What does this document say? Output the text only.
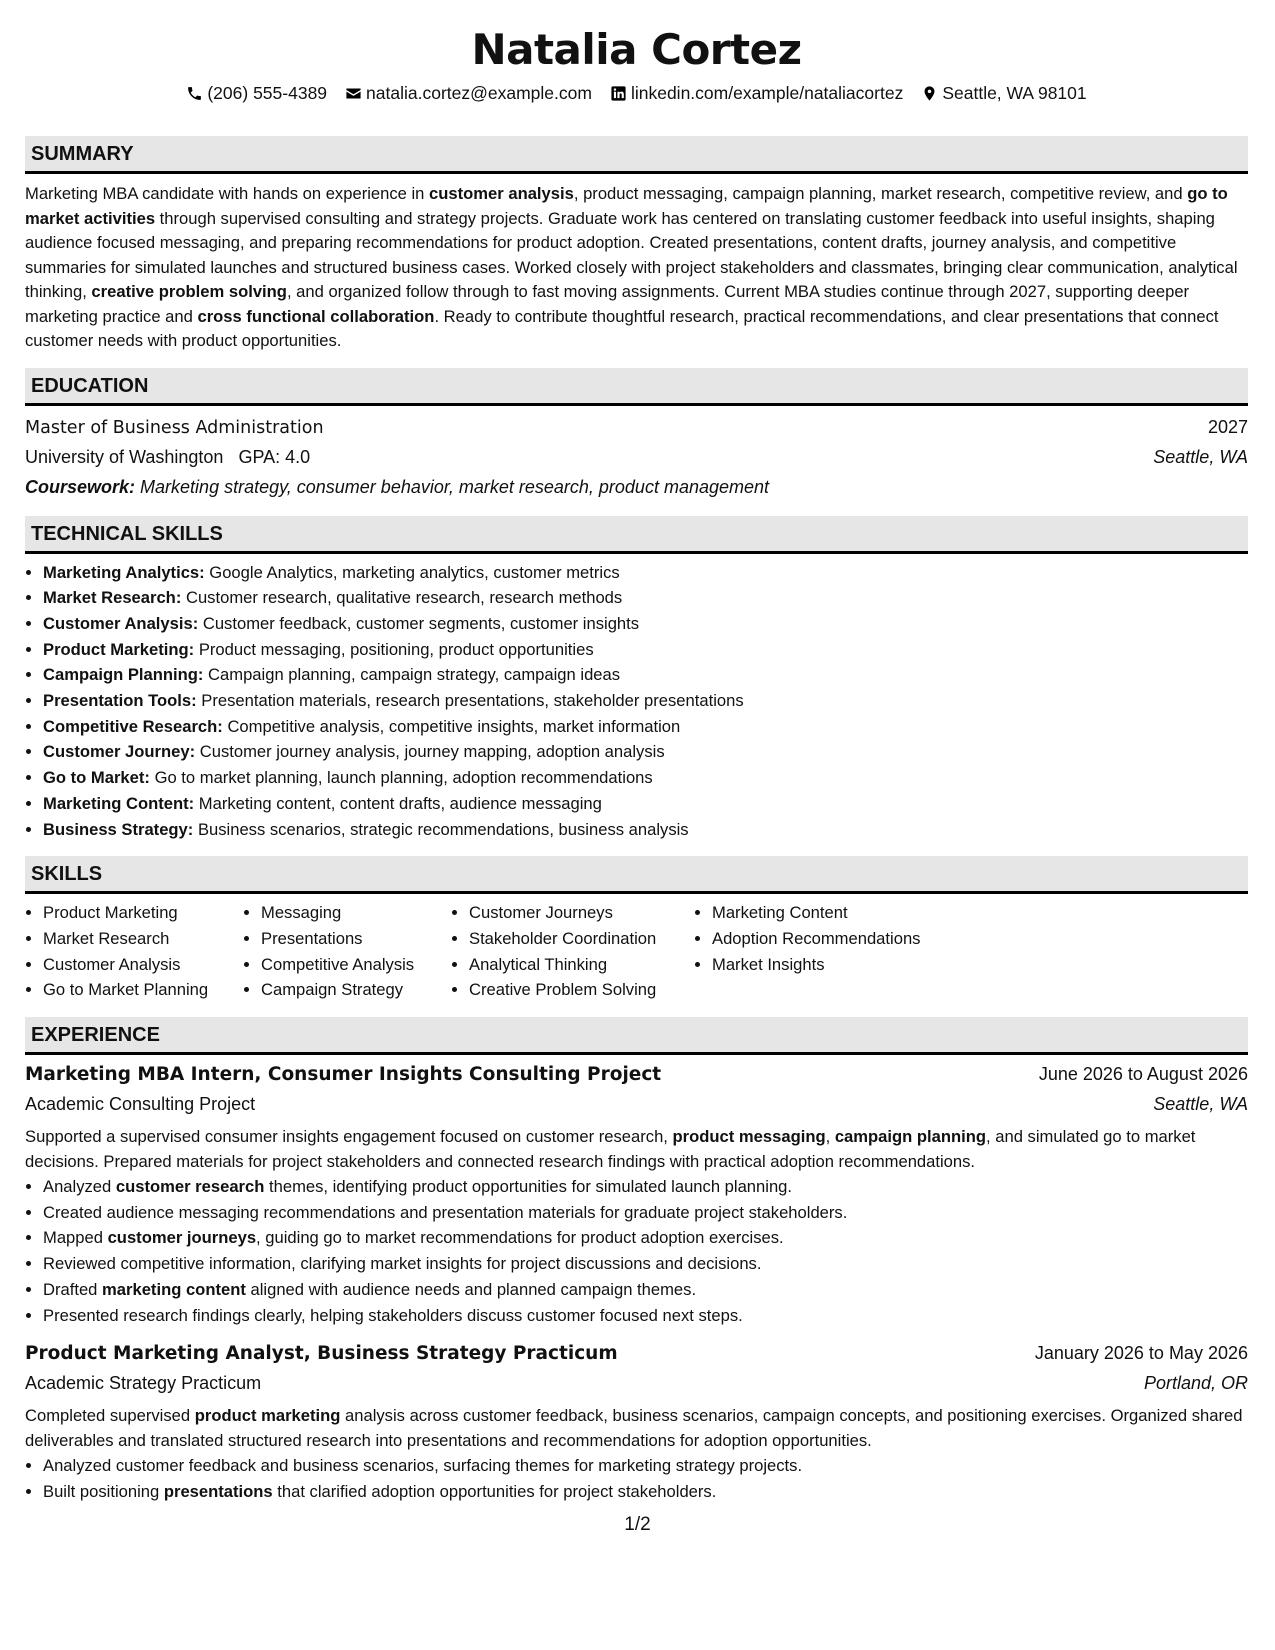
Natalia Cortez
(206) 555-4389 natalia.cortez@example.com linkedin.com/example/nataliacortez Seattle, WA 98101
SUMMARY

Marketing MBA candidate with hands on experience in customer analysis, product messaging, campaign planning, market research, competitive review, and go to market activities through supervised consulting and strategy projects. Graduate work has centered on translating customer feedback into useful insights, shaping audience focused messaging, and preparing recommendations for product adoption. Created presentations, content drafts, journey analysis, and competitive summaries for simulated launches and structured business cases. Worked closely with project stakeholders and classmates, bringing clear communication, analytical thinking, creative problem solving, and organized follow through to fast moving assignments. Current MBA studies continue through 2027, supporting deeper marketing practice and cross functional collaboration. Ready to contribute thoughtful research, practical recommendations, and clear presentations that connect customer needs with product opportunities.

EDUCATION
Master of Business Administration	2027
University of Washington GPA: 4.0	Seattle, WA
Coursework: Marketing strategy, consumer behavior, market research, product management
TECHNICAL SKILLS
• Marketing Analytics: Google Analytics, marketing analytics, customer metrics
• Market Research: Customer research, qualitative research, research methods
• Customer Analysis: Customer feedback, customer segments, customer insights
• Product Marketing: Product messaging, positioning, product opportunities
• Campaign Planning: Campaign planning, campaign strategy, campaign ideas
• Presentation Tools: Presentation materials, research presentations, stakeholder presentations
• Competitive Research: Competitive analysis, competitive insights, market information
• Customer Journey: Customer journey analysis, journey mapping, adoption analysis
• Go to Market: Go to market planning, launch planning, adoption recommendations
• Marketing Content: Marketing content, content drafts, audience messaging
• Business Strategy: Business scenarios, strategic recommendations, business analysis
SKILLS
• Product Marketing
• Market Research
• Customer Analysis
• Go to Market Planning
• Messaging
• Presentations
• Competitive Analysis
• Campaign Strategy
• Customer Journeys
• Stakeholder Coordination
• Analytical Thinking
• Creative Problem Solving
• Marketing Content
• Adoption Recommendations
• Market Insights
EXPERIENCE
Marketing MBA Intern, Consumer Insights Consulting Project	June 2026 to August 2026
Academic Consulting Project	Seattle, WA

Supported a supervised consumer insights engagement focused on customer research, product messaging, campaign planning, and simulated go to market decisions. Prepared materials for project stakeholders and connected research findings with practical adoption recommendations.

• Analyzed customer research themes, identifying product opportunities for simulated launch planning.
• Created audience messaging recommendations and presentation materials for graduate project stakeholders.
• Mapped customer journeys, guiding go to market recommendations for product adoption exercises.
• Reviewed competitive information, clarifying market insights for project discussions and decisions.
• Drafted marketing content aligned with audience needs and planned campaign themes.
• Presented research findings clearly, helping stakeholders discuss customer focused next steps.
Product Marketing Analyst, Business Strategy Practicum	January 2026 to May 2026
Academic Strategy Practicum	Portland, OR

Completed supervised product marketing analysis across customer feedback, business scenarios, campaign concepts, and positioning exercises. Organized shared deliverables and translated structured research into presentations and recommendations for adoption opportunities.

• Analyzed customer feedback and business scenarios, surfacing themes for marketing strategy projects.
• Built positioning presentations that clarified adoption opportunities for project stakeholders.
1/2
